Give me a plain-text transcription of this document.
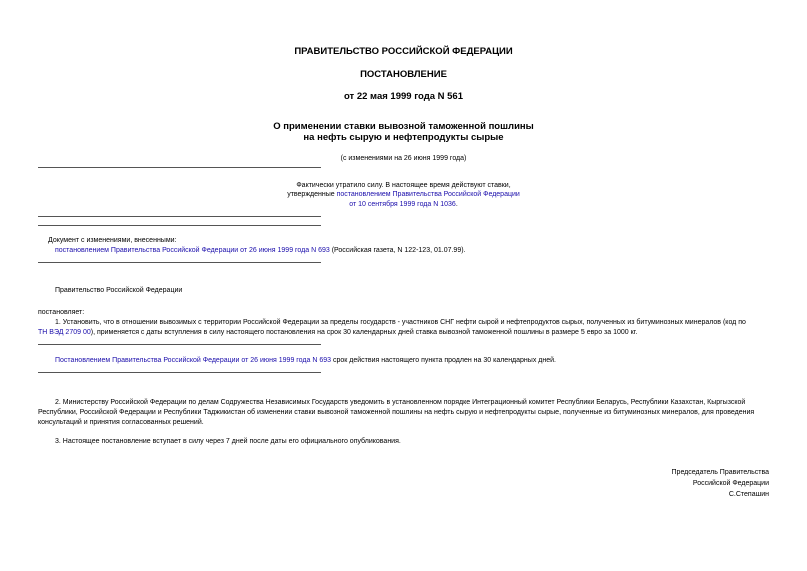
ПРАВИТЕЛЬСТВО РОССИЙСКОЙ ФЕДЕРАЦИИ
ПОСТАНОВЛЕНИЕ
от 22 мая 1999 года N 561
О применении ставки вывозной таможенной пошлины
на нефть сырую и нефтепродукты сырые
(с изменениями на 26 июня 1999 года)
Фактически утратило силу. В настоящее время действуют ставки,
утвержденные постановлением Правительства Российской Федерации
от 10 сентября 1999 года N 1036.
Документ с изменениями, внесенными:
постановлением Правительства Российской Федерации от 26 июня 1999 года N 693 (Российская газета, N 122-123, 01.07.99).
Правительство Российской Федерации
постановляет:
1. Установить, что в отношении вывозимых с территории Российской Федерации за пределы государств - участников СНГ нефти сырой и нефтепродуктов сырых, полученных из битуминозных минералов (код по
ТН ВЭД 2709 00), применяется с даты вступления в силу настоящего постановления на срок 30 календарных дней ставка вывозной таможенной пошлины в размере 5 евро за 1000 кг.
Постановлением Правительства Российской Федерации от 26 июня 1999 года N 693 срок действия настоящего пункта продлен на 30 календарных дней.
2. Министерству Российской Федерации по делам Содружества Независимых Государств уведомить в установленном порядке Интеграционный комитет Республики Беларусь, Республики Казахстан, Кыргызской
Республики, Российской Федерации и Республики Таджикистан об изменении ставки вывозной таможенной пошлины на нефть сырую и нефтепродукты сырые, полученные из битуминозных минералов, для проведения
консультаций и принятия согласованных решений.
3. Настоящее постановление вступает в силу через 7 дней после даты его официального опубликования.
Председатель Правительства
Российской Федерации
С.Степашин
